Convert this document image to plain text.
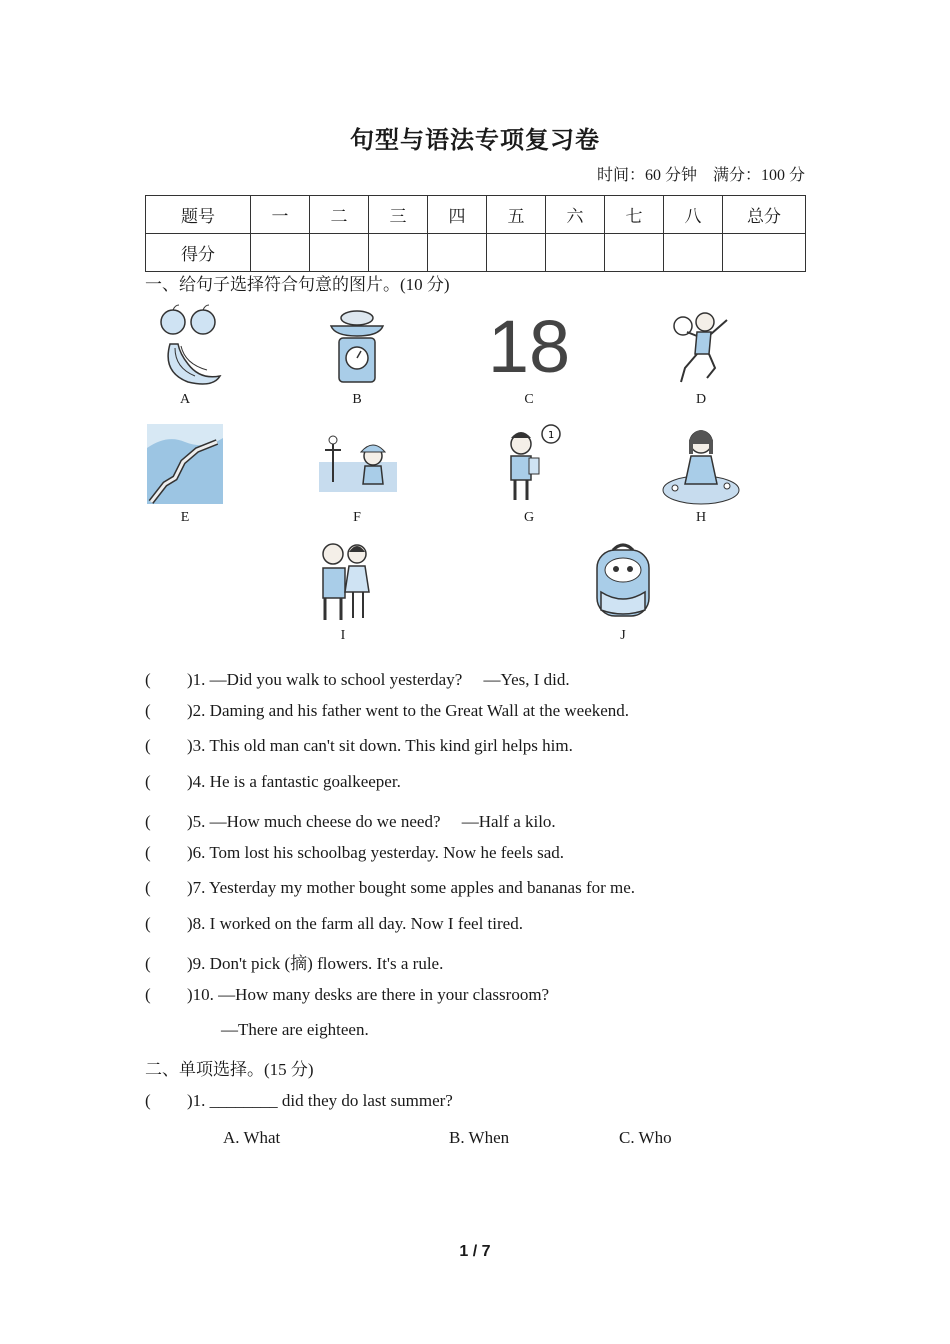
句型与语法专项复习卷
时间：60 分钟　满分：100 分
题号	一	二	三	四	五	六	七	八	总分
得分									
一、给句子选择符合句意的图片。(10 分)
A	B
18
C	D
E	F
1
G	H
I	J
( )1. —Did you walk to school yesterday?　 —Yes, I did.
( )2. Daming and his father went to the Great Wall at the weekend.
( )3. This old man can't sit down. This kind girl helps him.
( )4. He is a fantastic goalkeeper.
( )5. —How much cheese do we need?　 —Half a kilo.
( )6. Tom lost his schoolbag yesterday. Now he feels sad.
( )7. Yesterday my mother bought some apples and bananas for me.
( )8. I worked on the farm all day. Now I feel tired.
( )9. Don't pick (摘) flowers. It's a rule.
( )10. —How many desks are there in your classroom?
—There are eighteen.
二、单项选择。(15 分)
( )1. ________ did they do last summer?
A. What	B. When	C. Who
1 / 7
